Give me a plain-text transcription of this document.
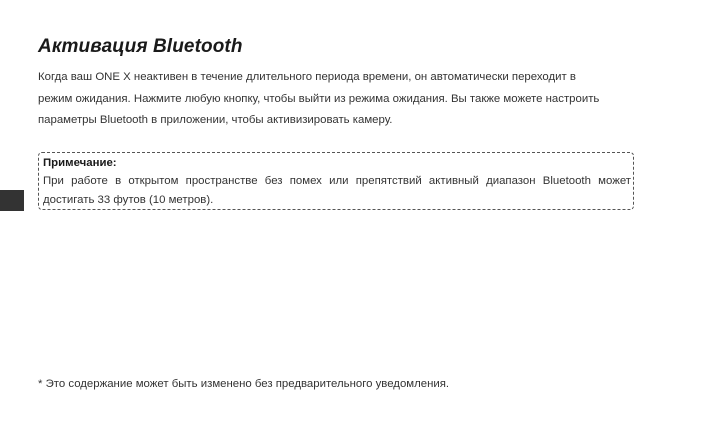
Активация Bluetooth

Когда ваш ONE X неактивен в течение длительного периода времени, он автоматически переходит в
режим ожидания. Нажмите любую кнопку, чтобы выйти из режима ожидания. Вы также можете настроить
параметры Bluetooth в приложении, чтобы активизировать камеру.

Примечание:

При работе в открытом пространстве без помех или препятствий активный диапазон Bluetooth может достигать 33 футов (10 метров).

* Это содержание может быть изменено без предварительного уведомления.
